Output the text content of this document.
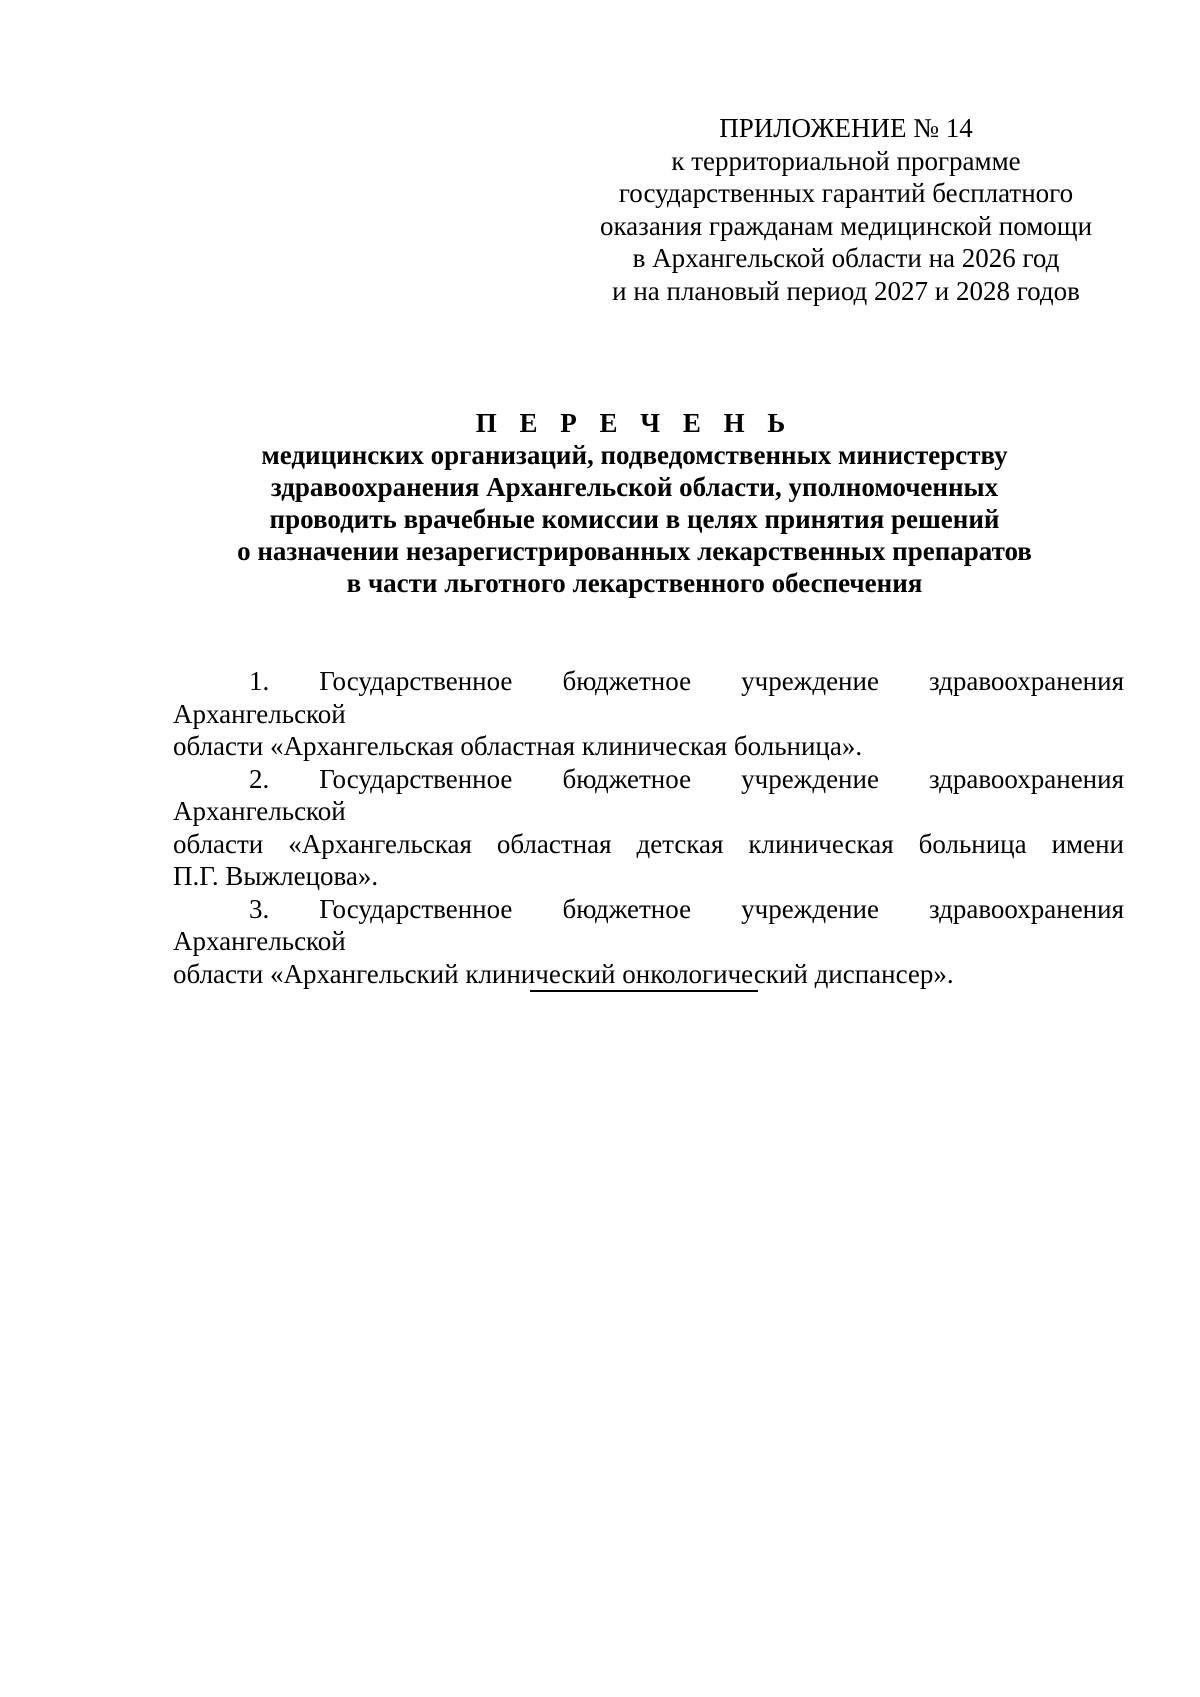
ПРИЛОЖЕНИЕ № 14
к территориальной программе
государственных гарантий бесплатного
оказания гражданам медицинской помощи
в Архангельской области на 2026 год
и на плановый период 2027 и 2028 годов
П Е Р Е Ч Е Н Ь
медицинских организаций, подведомственных министерству
здравоохранения Архангельской области, уполномоченных
проводить врачебные комиссии в целях принятия решений
о назначении незарегистрированных лекарственных препаратов
в части льготного лекарственного обеспечения
1. Государственное бюджетное учреждение здравоохранения Архангельской
области «Архангельская областная клиническая больница».
2. Государственное бюджетное учреждение здравоохранения Архангельской
области «Архангельская областная детская клиническая больница имени
П.Г. Выжлецова».
3. Государственное бюджетное учреждение здравоохранения Архангельской
области «Архангельский клинический онкологический диспансер».
